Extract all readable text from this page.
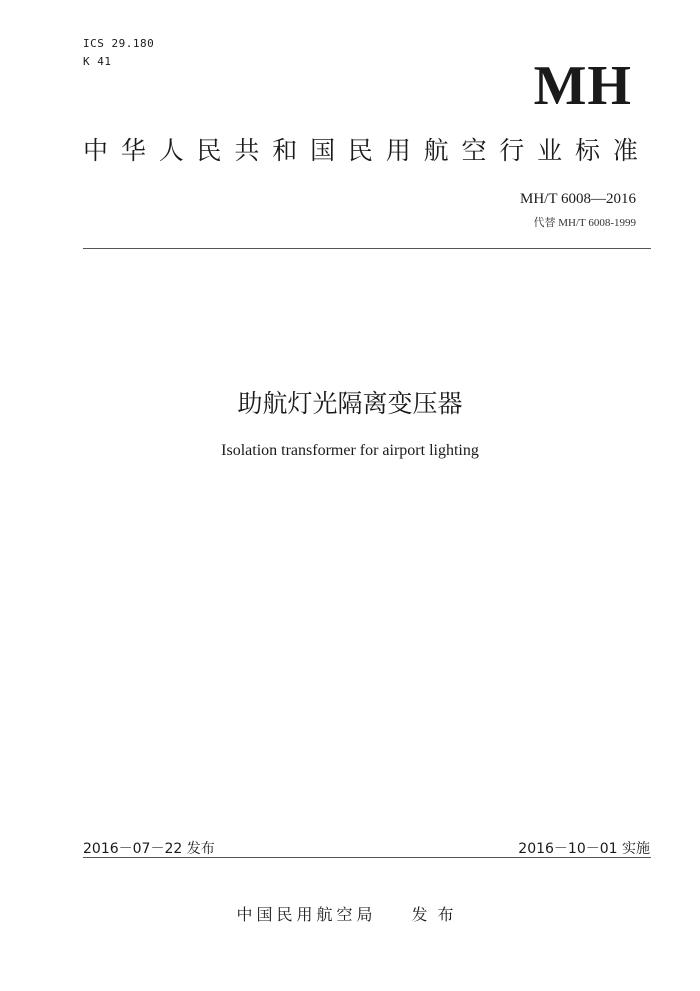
ICS 29.180
K 41	MH
中 华 人 民 共 和 国 民 用 航 空 行 业 标 准
MH/T 6008—2016
代替 MH/T 6008-1999
助航灯光隔离变压器
Isolation transformer for airport lighting
2016－07－22 发布	2016－10－01 实施
中国民用航空局 发布
